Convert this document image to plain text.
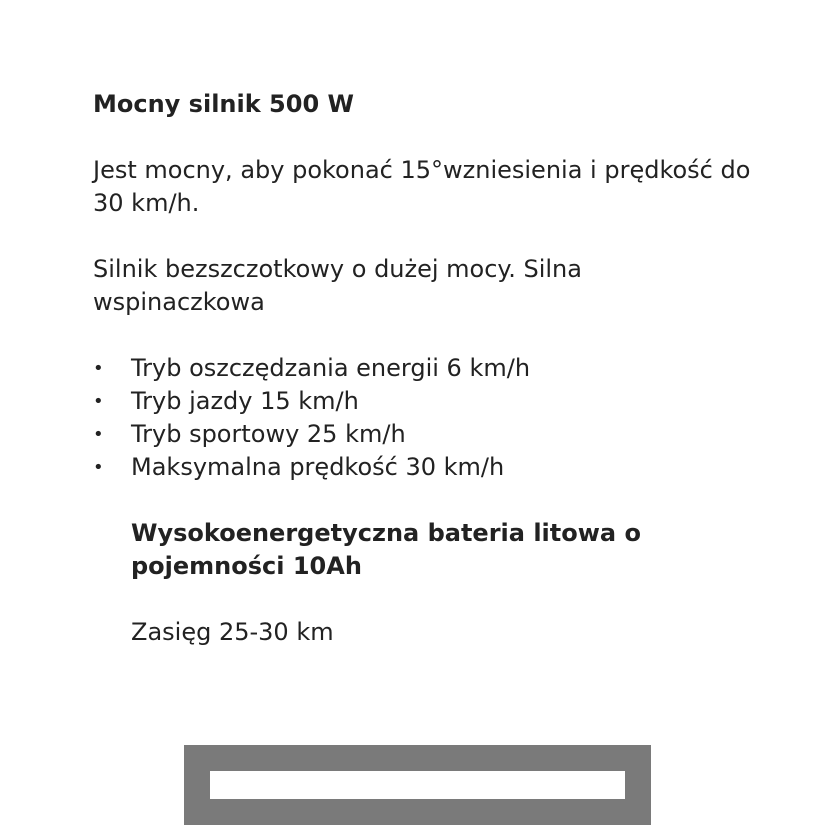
Mocny silnik 500 W

Jest mocny, aby pokonać 15°wzniesienia i prędkość do 30 km/h.

Silnik bezszczotkowy o dużej mocy. Silna wspinaczkowa

• Tryb oszczędzania energii 6 km/h
• Tryb jazdy 15 km/h
• Tryb sportowy 25 km/h
• Maksymalna prędkość 30 km/h

Wysokoenergetyczna bateria litowa o pojemności 10Ah

Zasięg 25-30 km
